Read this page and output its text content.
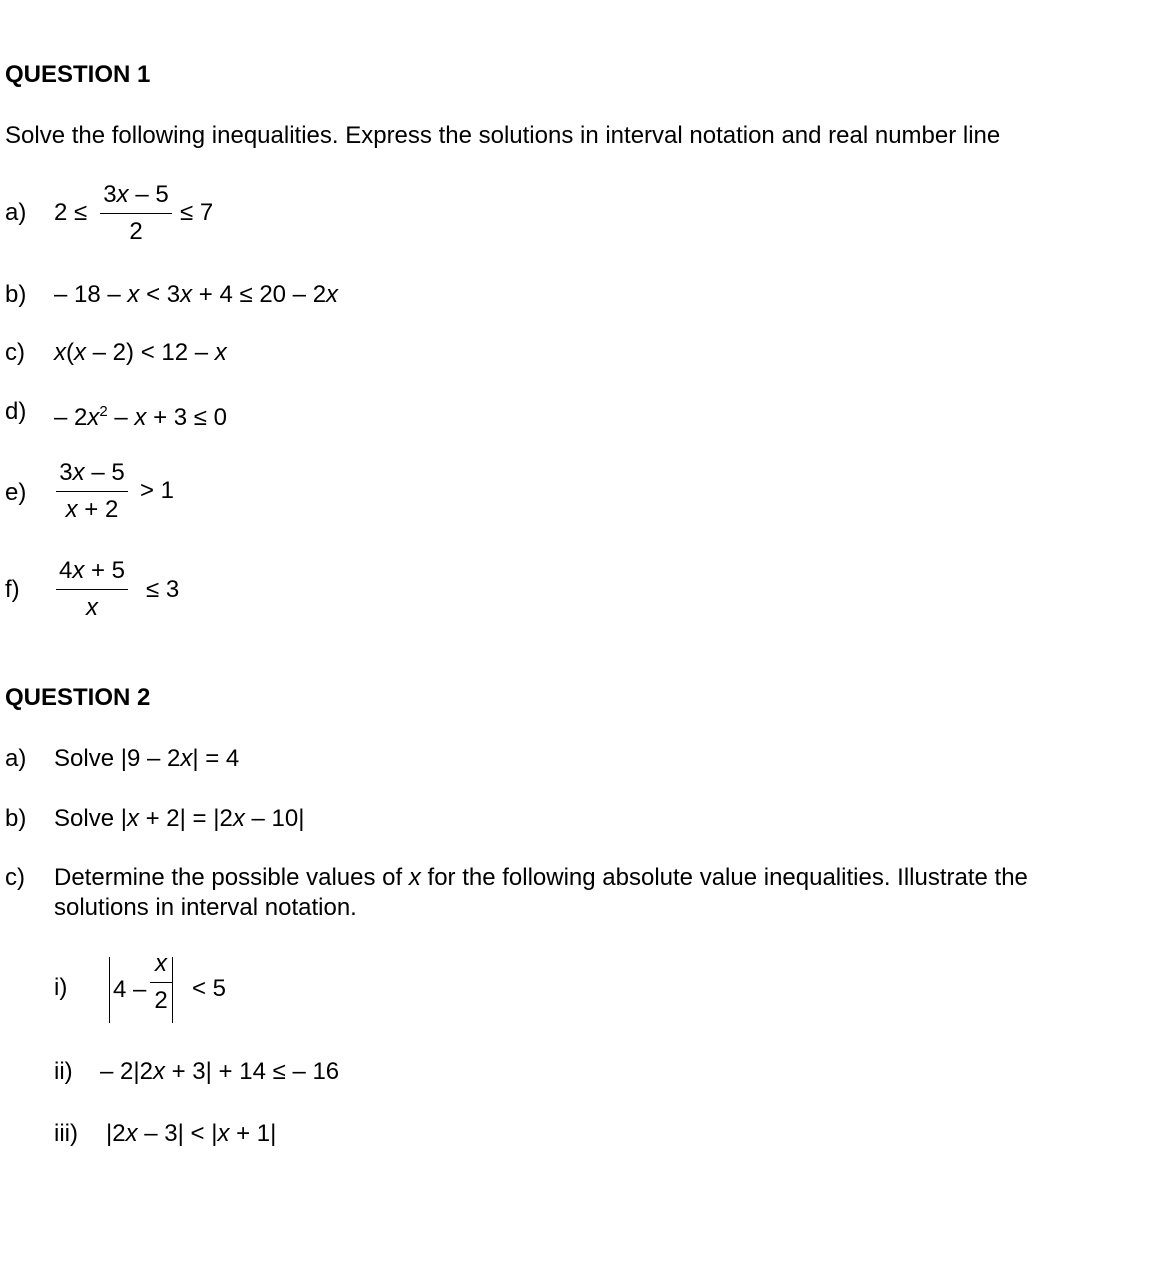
QUESTION 1
Solve the following inequalities. Express the solutions in interval notation and real number line
a) 2 ≤
3x – 5
2
≤ 7
b) – 18 – x < 3x + 4 ≤ 20 – 2x
c) x(x – 2) < 12 – x
$d) - 2x^2 - x + 3 \le 0$
e)
3x – 5
x + 2
> 1
f)
4x + 5
x
≤ 3
QUESTION 2
a) Solve |9 – 2x| = 4
b) Solve |x + 2| = |2x – 10|
c) Determine the possible values of x for the following absolute value inequalities. Illustrate the
solutions in interval notation.
i) 4 –
x
2 < 5
ii) – 2|2x + 3| + 14 ≤ – 16
iii) |2x – 3| < |x + 1|
